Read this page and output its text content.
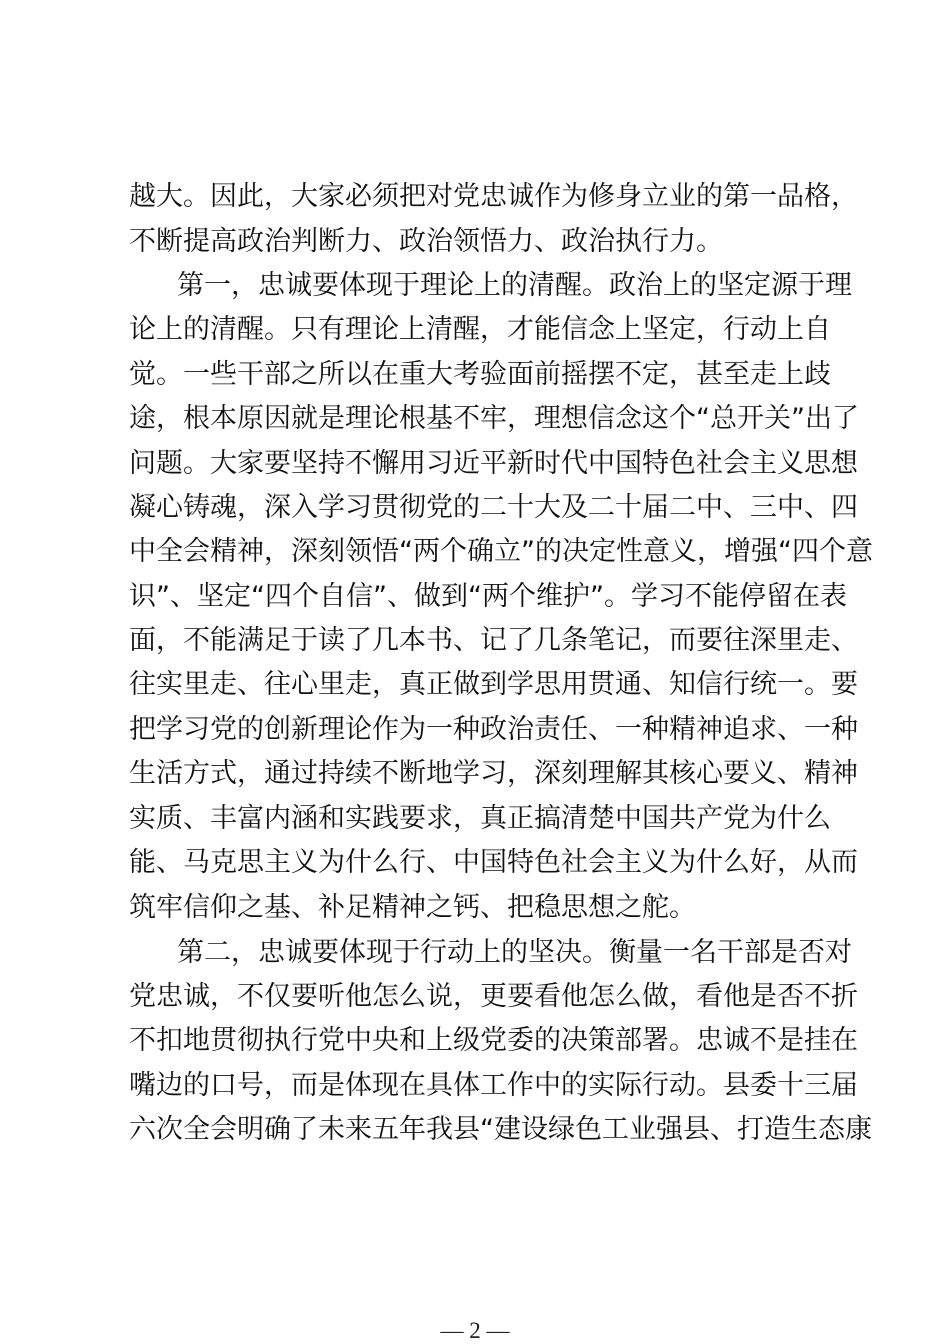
越大。因此，大家必须把对党忠诚作为修身立业的第一品格，
不断提高政治判断力、政治领悟力、政治执行力。
第一，忠诚要体现于理论上的清醒。政治上的坚定源于理
论上的清醒。只有理论上清醒，才能信念上坚定，行动上自
觉。一些干部之所以在重大考验面前摇摆不定，甚至走上歧
途，根本原因就是理论根基不牢，理想信念这个“总开关”出了
问题。大家要坚持不懈用习近平新时代中国特色社会主义思想
凝心铸魂，深入学习贯彻党的二十大及二十届二中、三中、四
中全会精神，深刻领悟“两个确立”的决定性意义，增强“四个意
识”、坚定“四个自信”、做到“两个维护”。学习不能停留在表
面，不能满足于读了几本书、记了几条笔记，而要往深里走、
往实里走、往心里走，真正做到学思用贯通、知信行统一。要
把学习党的创新理论作为一种政治责任、一种精神追求、一种
生活方式，通过持续不断地学习，深刻理解其核心要义、精神
实质、丰富内涵和实践要求，真正搞清楚中国共产党为什么
能、马克思主义为什么行、中国特色社会主义为什么好，从而
筑牢信仰之基、补足精神之钙、把稳思想之舵。
第二，忠诚要体现于行动上的坚决。衡量一名干部是否对
党忠诚，不仅要听他怎么说，更要看他怎么做，看他是否不折
不扣地贯彻执行党中央和上级党委的决策部署。忠诚不是挂在
嘴边的口号，而是体现在具体工作中的实际行动。县委十三届
六次全会明确了未来五年我县“建设绿色工业强县、打造生态康
— 2 —
